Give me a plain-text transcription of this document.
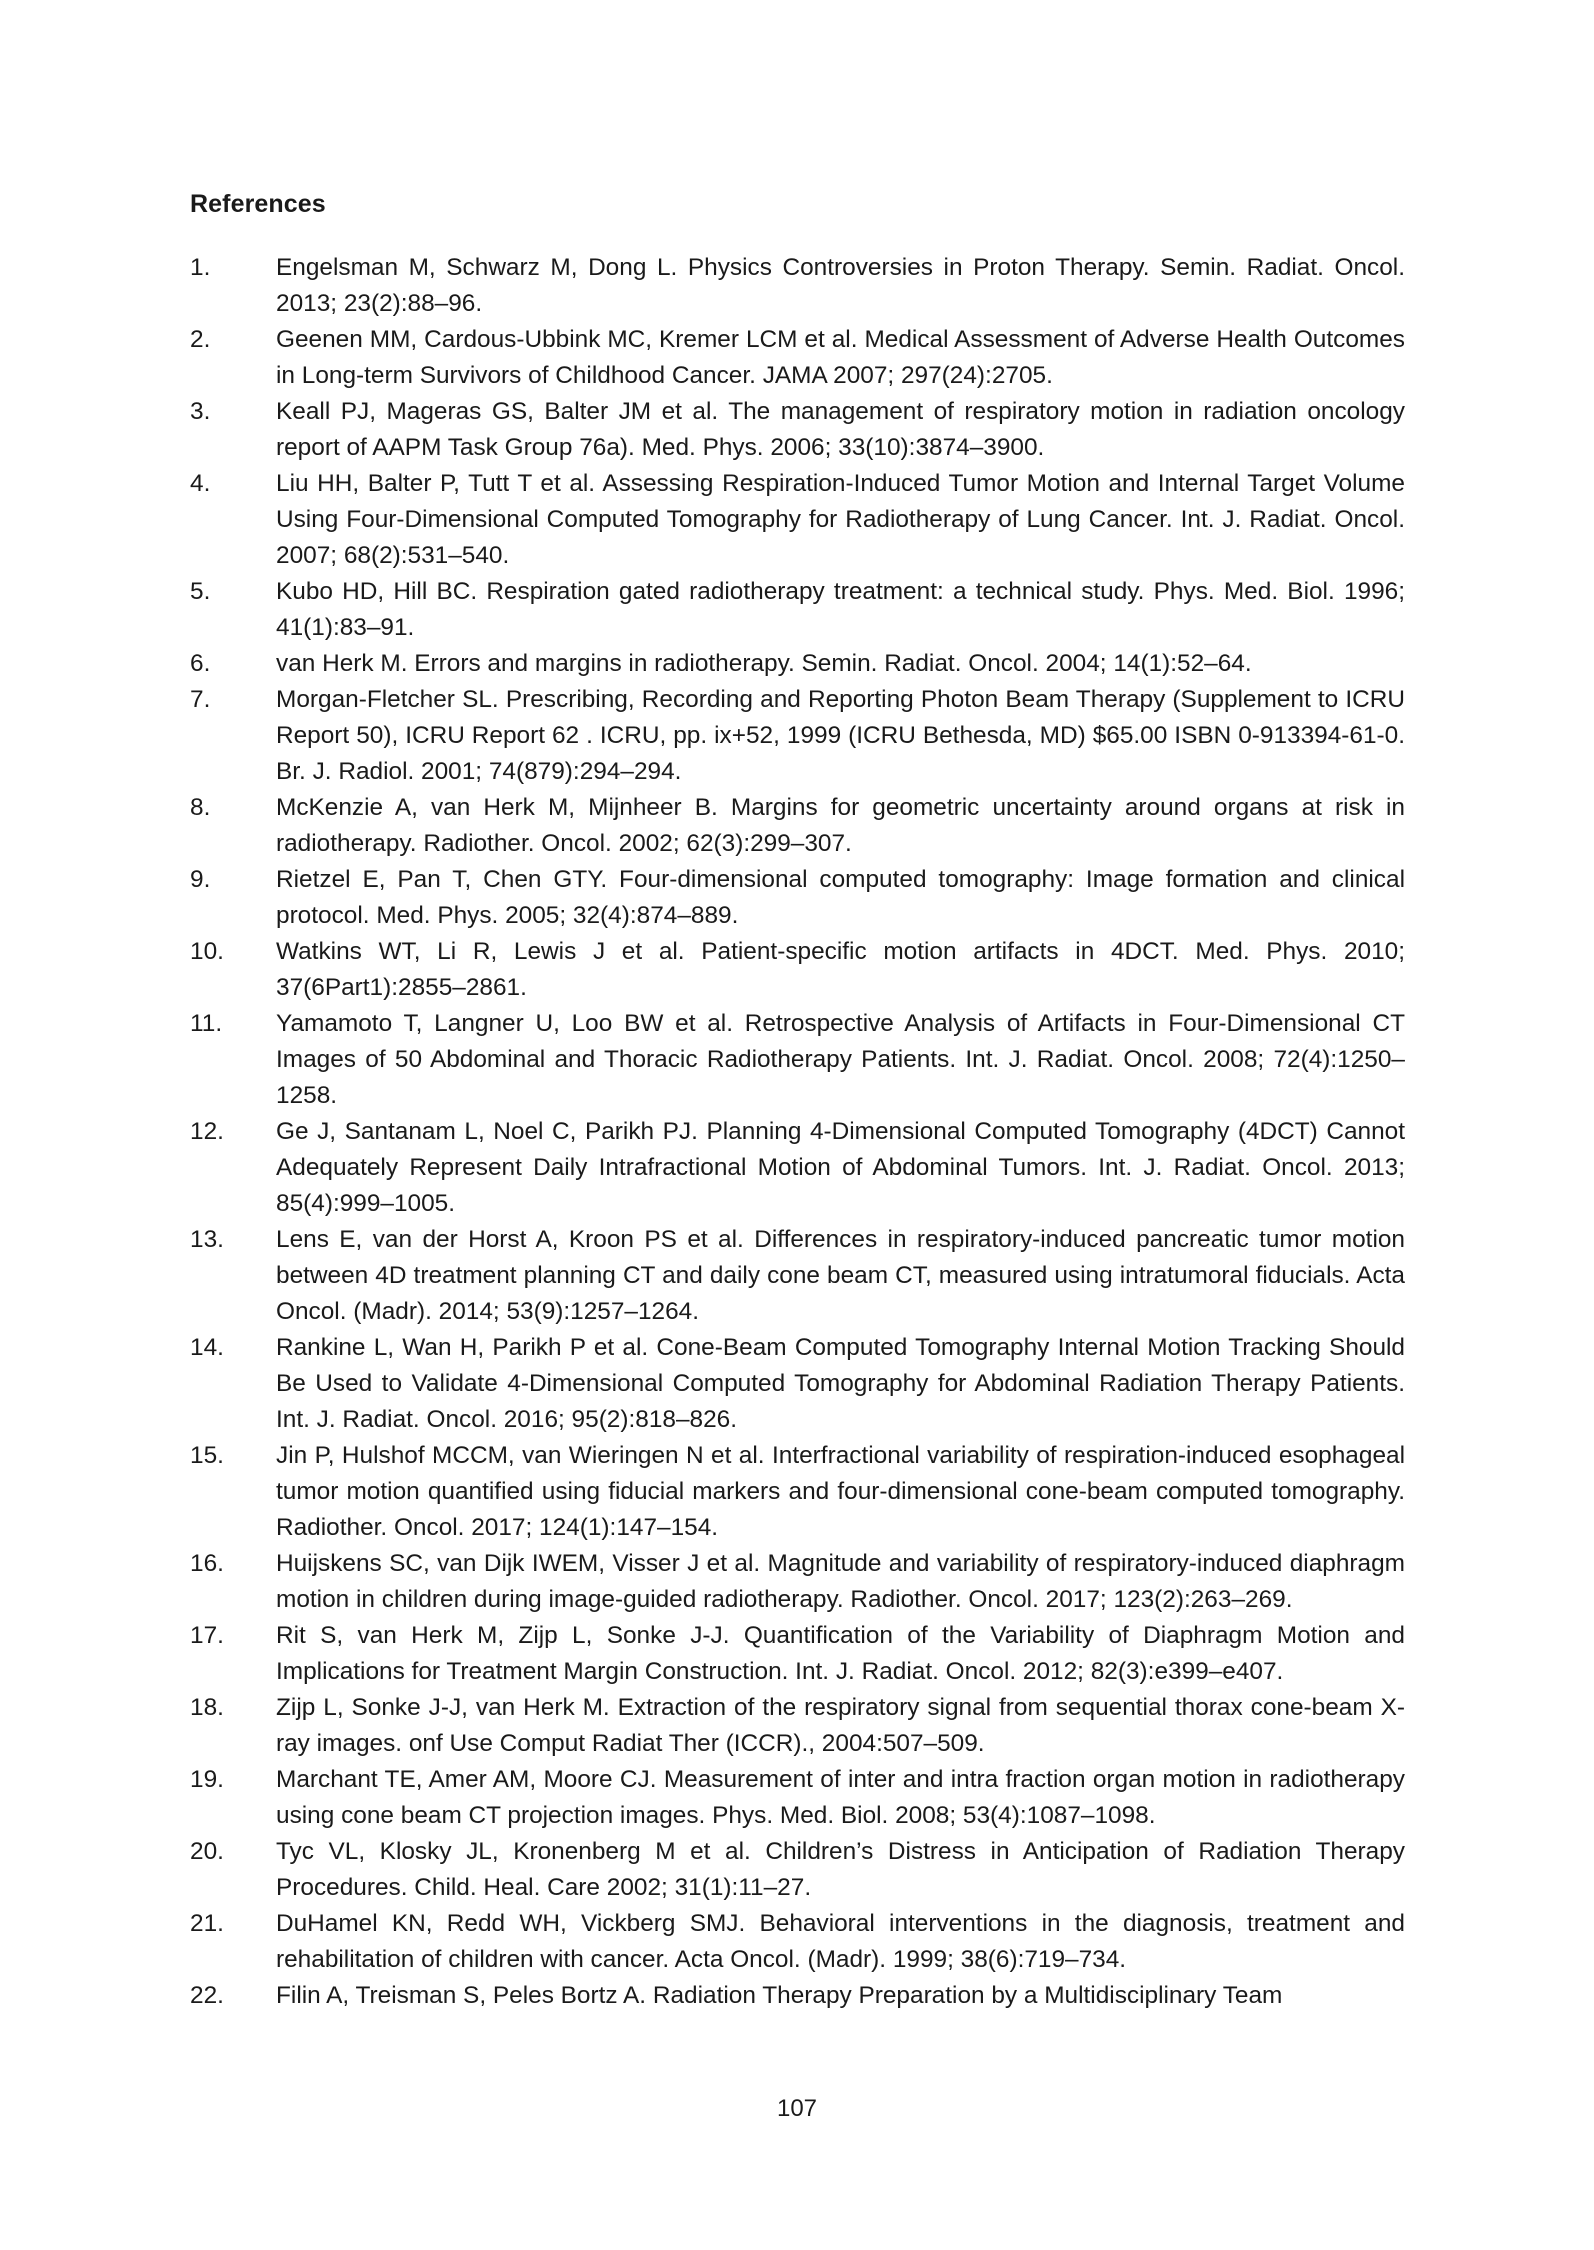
References
1.	Engelsman M, Schwarz M, Dong L. Physics Controversies in Proton Therapy. Semin. Radiat. Oncol. 2013; 23(2):88–96.
2.	Geenen MM, Cardous-Ubbink MC, Kremer LCM et al. Medical Assessment of Adverse Health Outcomes in Long-term Survivors of Childhood Cancer. JAMA 2007; 297(24):2705.
3.	Keall PJ, Mageras GS, Balter JM et al. The management of respiratory motion in radiation oncology report of AAPM Task Group 76a). Med. Phys. 2006; 33(10):3874–3900.
4.	Liu HH, Balter P, Tutt T et al. Assessing Respiration-Induced Tumor Motion and Internal Target Volume Using Four-Dimensional Computed Tomography for Radiotherapy of Lung Cancer. Int. J. Radiat. Oncol. 2007; 68(2):531–540.
5.	Kubo HD, Hill BC. Respiration gated radiotherapy treatment: a technical study. Phys. Med. Biol. 1996; 41(1):83–91.
6.	van Herk M. Errors and margins in radiotherapy. Semin. Radiat. Oncol. 2004; 14(1):52–64.
7.	Morgan-Fletcher SL. Prescribing, Recording and Reporting Photon Beam Therapy (Supplement to ICRU Report 50), ICRU Report 62 . ICRU, pp. ix+52, 1999 (ICRU Bethesda, MD) $65.00 ISBN 0-913394-61-0. Br. J. Radiol. 2001; 74(879):294–294.
8.	McKenzie A, van Herk M, Mijnheer B. Margins for geometric uncertainty around organs at risk in radiotherapy. Radiother. Oncol. 2002; 62(3):299–307.
9.	Rietzel E, Pan T, Chen GTY. Four-dimensional computed tomography: Image formation and clinical protocol. Med. Phys. 2005; 32(4):874–889.
10.	Watkins WT, Li R, Lewis J et al. Patient-specific motion artifacts in 4DCT. Med. Phys. 2010; 37(6Part1):2855–2861.
11.	Yamamoto T, Langner U, Loo BW et al. Retrospective Analysis of Artifacts in Four-Dimensional CT Images of 50 Abdominal and Thoracic Radiotherapy Patients. Int. J. Radiat. Oncol. 2008; 72(4):1250–1258.
12.	Ge J, Santanam L, Noel C, Parikh PJ. Planning 4-Dimensional Computed Tomography (4DCT) Cannot Adequately Represent Daily Intrafractional Motion of Abdominal Tumors. Int. J. Radiat. Oncol. 2013; 85(4):999–1005.
13.	Lens E, van der Horst A, Kroon PS et al. Differences in respiratory-induced pancreatic tumor motion between 4D treatment planning CT and daily cone beam CT, measured using intratumoral fiducials. Acta Oncol. (Madr). 2014; 53(9):1257–1264.
14.	Rankine L, Wan H, Parikh P et al. Cone-Beam Computed Tomography Internal Motion Tracking Should Be Used to Validate 4-Dimensional Computed Tomography for Abdominal Radiation Therapy Patients. Int. J. Radiat. Oncol. 2016; 95(2):818–826.
15.	Jin P, Hulshof MCCM, van Wieringen N et al. Interfractional variability of respiration-induced esophageal tumor motion quantified using fiducial markers and four-dimensional cone-beam computed tomography. Radiother. Oncol. 2017; 124(1):147–154.
16.	Huijskens SC, van Dijk IWEM, Visser J et al. Magnitude and variability of respiratory-induced diaphragm motion in children during image-guided radiotherapy. Radiother. Oncol. 2017; 123(2):263–269.
17.	Rit S, van Herk M, Zijp L, Sonke J-J. Quantification of the Variability of Diaphragm Motion and Implications for Treatment Margin Construction. Int. J. Radiat. Oncol. 2012; 82(3):e399–e407.
18.	Zijp L, Sonke J-J, van Herk M. Extraction of the respiratory signal from sequential thorax cone-beam X-ray images. onf Use Comput Radiat Ther (ICCR)., 2004:507–509.
19.	Marchant TE, Amer AM, Moore CJ. Measurement of inter and intra fraction organ motion in radiotherapy using cone beam CT projection images. Phys. Med. Biol. 2008; 53(4):1087–1098.
20.	Tyc VL, Klosky JL, Kronenberg M et al. Children’s Distress in Anticipation of Radiation Therapy Procedures. Child. Heal. Care 2002; 31(1):11–27.
21.	DuHamel KN, Redd WH, Vickberg SMJ. Behavioral interventions in the diagnosis, treatment and rehabilitation of children with cancer. Acta Oncol. (Madr). 1999; 38(6):719–734.
22.	Filin A, Treisman S, Peles Bortz A. Radiation Therapy Preparation by a Multidisciplinary Team
107
